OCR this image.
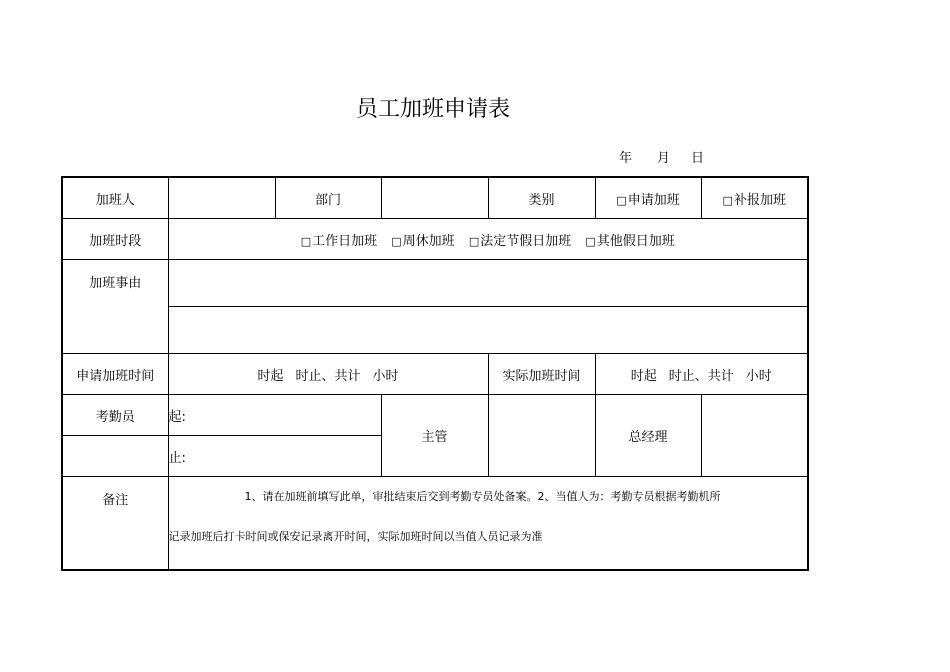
员工加班申请表
年 月 日
加班人		部门		类别	□申请加班	□补报加班
加班时段	□工作日加班 □周休加班 □法定节假日加班 □其他假日加班					
加班事由						

申请加班时间	时起 时止、共计 小时			实际加班时间	时起 时止、共计 小时	
考勤员	起:		主管		总经理	
	止:					
备注	1、请在加班前填写此单，审批结束后交到考勤专员处备案。2、当值人为：考勤专员根据考勤机所
记录加班后打卡时间或保安记录离开时间，实际加班时间以当值人员记录为准					
